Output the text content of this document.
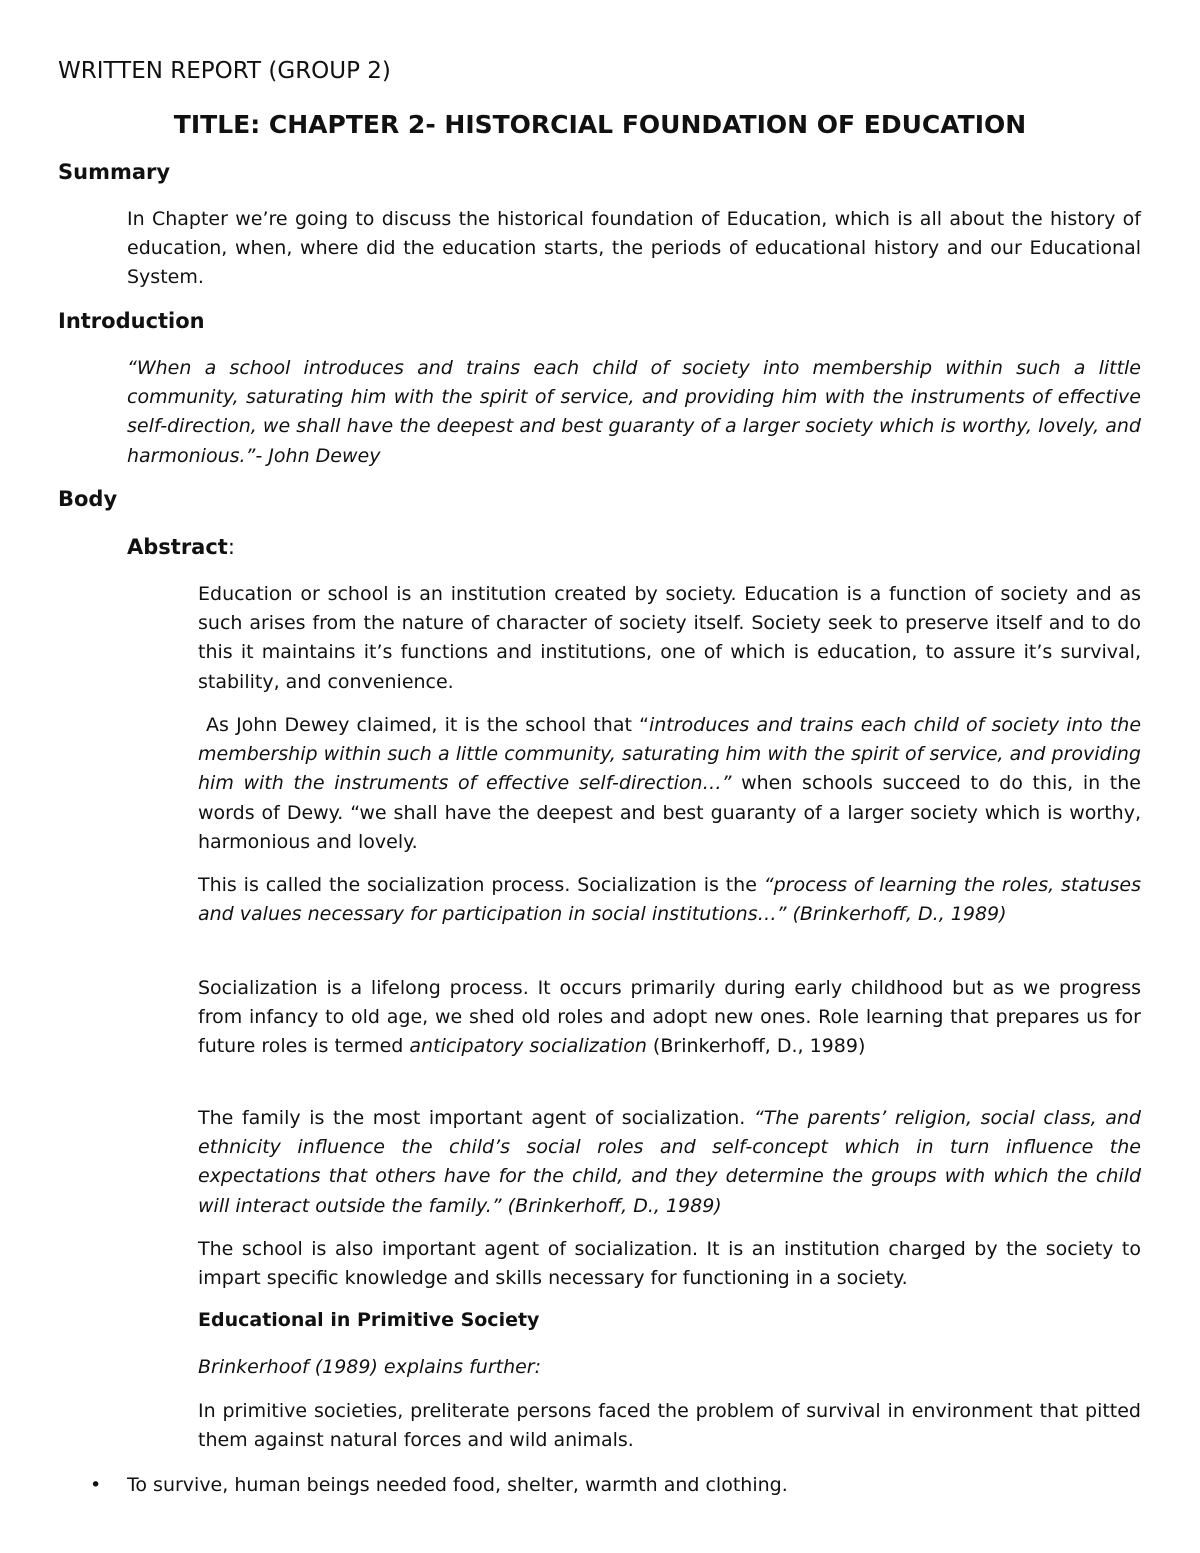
WRITTEN REPORT (GROUP 2)

TITLE: CHAPTER 2- HISTORCIAL FOUNDATION OF EDUCATION
Summary

In Chapter we’re going to discuss the historical foundation of Education, which is all about the history of education, when, where did the education starts, the periods of educational history and our Educational System.

Introduction

“When a school introduces and trains each child of society into membership within such a little community, saturating him with the spirit of service, and providing him with the instruments of effective self-direction, we shall have the deepest and best guaranty of a larger society which is worthy, lovely, and harmonious.”- John Dewey

Body

Abstract:

Education or school is an institution created by society. Education is a function of society and as such arises from the nature of character of society itself. Society seek to preserve itself and to do this it maintains it’s functions and institutions, one of which is education, to assure it’s survival, stability, and convenience.

As John Dewey claimed, it is the school that “introduces and trains each child of society into the membership within such a little community, saturating him with the spirit of service, and providing him with the instruments of effective self-direction…” when schools succeed to do this, in the words of Dewy. “we shall have the deepest and best guaranty of a larger society which is worthy, harmonious and lovely.

This is called the socialization process. Socialization is the “process of learning the roles, statuses and values necessary for participation in social institutions…” (Brinkerhoff, D., 1989)

Socialization is a lifelong process. It occurs primarily during early childhood but as we progress from infancy to old age, we shed old roles and adopt new ones. Role learning that prepares us for future roles is termed anticipatory socialization (Brinkerhoff, D., 1989)

The family is the most important agent of socialization. “The parents’ religion, social class, and ethnicity influence the child’s social roles and self-concept which in turn influence the expectations that others have for the child, and they determine the groups with which the child will interact outside the family.” (Brinkerhoff, D., 1989)

The school is also important agent of socialization. It is an institution charged by the society to impart specific knowledge and skills necessary for functioning in a society.

Educational in Primitive Society

Brinkerhoof (1989) explains further:

In primitive societies, preliterate persons faced the problem of survival in environment that pitted them against natural forces and wild animals.

• To survive, human beings needed food, shelter, warmth and clothing.
